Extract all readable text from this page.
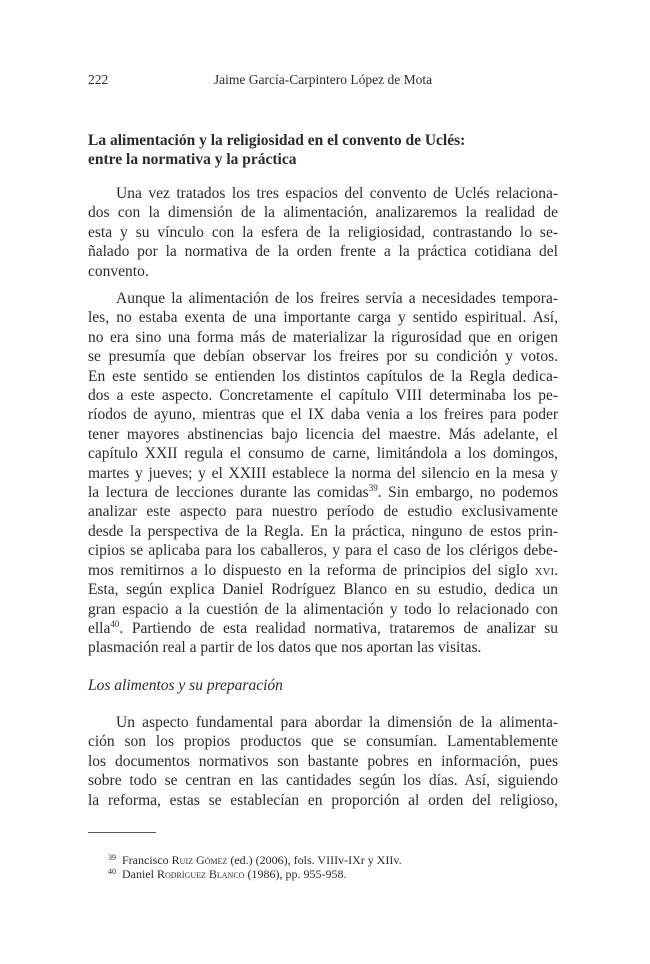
222	Jaime García-Carpintero López de Mota
La alimentación y la religiosidad en el convento de Uclés:
entre la normativa y la práctica
Una vez tratados los tres espacios del convento de Uclés relaciona-
dos con la dimensión de la alimentación, analizaremos la realidad de
esta y su vínculo con la esfera de la religiosidad, contrastando lo se-
ñalado por la normativa de la orden frente a la práctica cotidiana del
convento.
Aunque la alimentación de los freires servía a necesidades tempora-
les, no estaba exenta de una importante carga y sentido espiritual. Así,
no era sino una forma más de materializar la rigurosidad que en origen
se presumía que debían observar los freires por su condición y votos.
En este sentido se entienden los distintos capítulos de la Regla dedica-
dos a este aspecto. Concretamente el capítulo VIII determinaba los pe-
ríodos de ayuno, mientras que el IX daba venia a los freires para poder
tener mayores abstinencias bajo licencia del maestre. Más adelante, el
capítulo XXII regula el consumo de carne, limitándola a los domingos,
martes y jueves; y el XXIII establece la norma del silencio en la mesa y
la lectura de lecciones durante las comidas$^{39}$. Sin embargo, no podemos
analizar este aspecto para nuestro período de estudio exclusivamente
desde la perspectiva de la Regla. En la práctica, ninguno de estos prin-
cipios se aplicaba para los caballeros, y para el caso de los clérigos debe-
mos remitirnos a lo dispuesto en la reforma de principios del siglo xvi.
Esta, según explica Daniel Rodríguez Blanco en su estudio, dedica un
gran espacio a la cuestión de la alimentación y todo lo relacionado con
ella$^{40}$. Partiendo de esta realidad normativa, trataremos de analizar su
plasmación real a partir de los datos que nos aportan las visitas.
Los alimentos y su preparación
Un aspecto fundamental para abordar la dimensión de la alimenta-
ción son los propios productos que se consumían. Lamentablemente
los documentos normativos son bastante pobres en información, pues
sobre todo se centran en las cantidades según los días. Así, siguiendo
la reforma, estas se establecían en proporción al orden del religioso,
$^{39}$ Francisco Ruiz Gómez (ed.) (2006), fols. VIIIv-IXr y XIIv.
$^{40}$ Daniel Rodríguez Blanco (1986), pp. 955-958.
